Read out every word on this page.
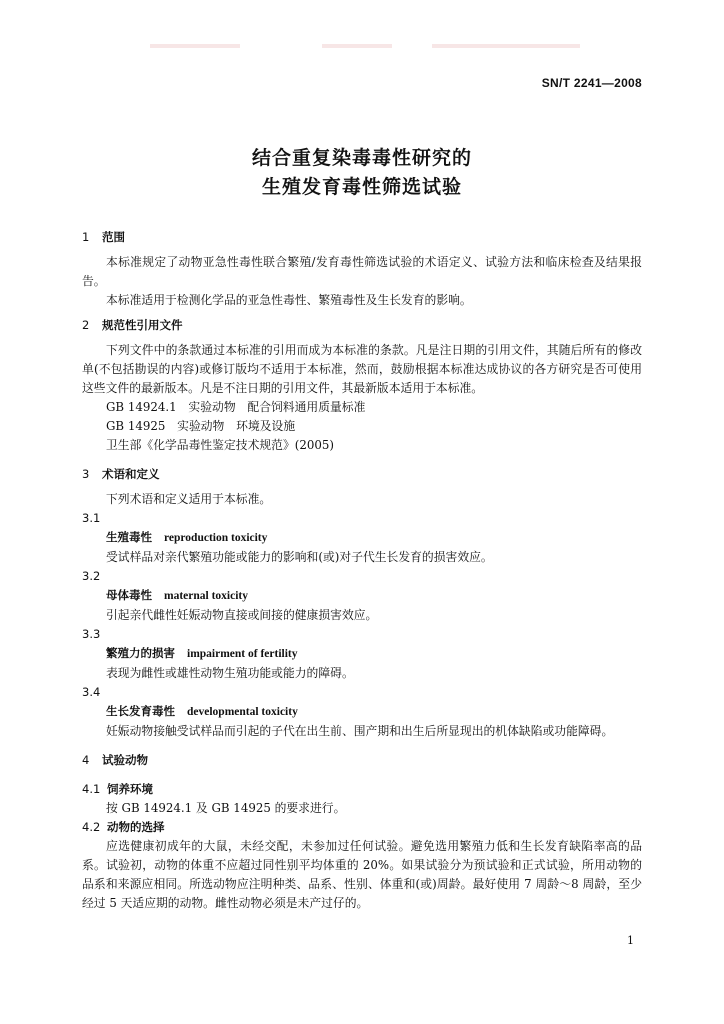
SN/T 2241—2008
结合重复染毒毒性研究的
生殖发育毒性筛选试验

1 范围

本标准规定了动物亚急性毒性联合繁殖/发育毒性筛选试验的术语定义、试验方法和临床检查及结果报告。

本标准适用于检测化学品的亚急性毒性、繁殖毒性及生长发育的影响。

2 规范性引用文件

下列文件中的条款通过本标准的引用而成为本标准的条款。凡是注日期的引用文件，其随后所有的修改单(不包括勘误的内容)或修订版均不适用于本标准，然而，鼓励根据本标准达成协议的各方研究是否可使用这些文件的最新版本。凡是不注日期的引用文件，其最新版本适用于本标准。

GB 14924.1　实验动物　配合饲料通用质量标准

GB 14925　实验动物　环境及设施

卫生部《化学品毒性鉴定技术规范》(2005)

3 术语和定义

下列术语和定义适用于本标准。

3.1

生殖毒性 reproduction toxicity

受试样品对亲代繁殖功能或能力的影响和(或)对子代生长发育的损害效应。

3.2

母体毒性 maternal toxicity

引起亲代雌性妊娠动物直接或间接的健康损害效应。

3.3

繁殖力的损害 impairment of fertility

表现为雌性或雄性动物生殖功能或能力的障碍。

3.4

生长发育毒性 developmental toxicity

妊娠动物接触受试样品而引起的子代在出生前、围产期和出生后所显现出的机体缺陷或功能障碍。

4 试验动物

4.1 饲养环境

按 GB 14924.1 及 GB 14925 的要求进行。

4.2 动物的选择

应选健康初成年的大鼠，未经交配，未参加过任何试验。避免选用繁殖力低和生长发育缺陷率高的品系。试验初，动物的体重不应超过同性别平均体重的 20%。如果试验分为预试验和正式试验，所用动物的品系和来源应相同。所选动物应注明种类、品系、性别、体重和(或)周龄。最好使用 7 周龄～8 周龄，至少经过 5 天适应期的动物。雌性动物必须是未产过仔的。

1
